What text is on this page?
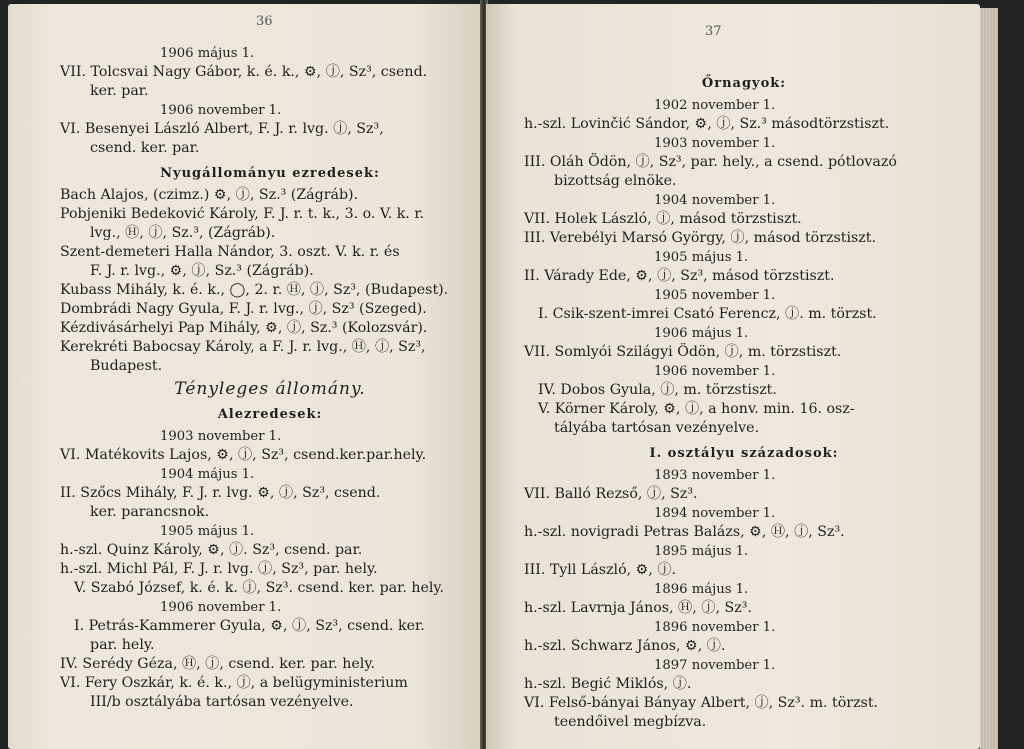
36
1906 május 1.
VII. Tolcsvai Nagy Gábor, k. é. k., ⚙, ⓙ, Sz³, csend.
ker. par.
1906 november 1.
VI. Besenyei László Albert, F. J. r. lvg. ⓙ, Sz³,
csend. ker. par.
Nyugállományu ezredesek:
Bach Alajos, (czimz.) ⚙, ⓙ, Sz.³ (Zágráb).
Pobjeniki Bedeković Károly, F. J. r. t. k., 3. o. V. k. r.
lvg., Ⓗ, ⓙ, Sz.³, (Zágráb).
Szent-demeteri Halla Nándor, 3. oszt. V. k. r. és
F. J. r. lvg., ⚙, ⓙ, Sz.³ (Zágráb).
Kubass Mihály, k. é. k., ◯, 2. r. Ⓗ, ⓙ, Sz³, (Budapest).
Dombrádi Nagy Gyula, F. J. r. lvg., ⓙ, Sz³ (Szeged).
Kézdivásárhelyi Pap Mihály, ⚙, ⓙ, Sz.³ (Kolozsvár).
Kerekréti Babocsay Károly, a F. J. r. lvg., Ⓗ, ⓙ, Sz³,
Budapest.
Tényleges állomány.
Alezredesek:
1903 november 1.
VI. Matékovits Lajos, ⚙, ⓙ, Sz³, csend.ker.par.hely.
1904 május 1.
II. Szőcs Mihály, F. J. r. lvg. ⚙, ⓙ, Sz³, csend.
ker. parancsnok.
1905 május 1.
h.-szl. Quinz Károly, ⚙, ⓙ. Sz³, csend. par.
h.-szl. Michl Pál, F. J. r. lvg. ⓙ, Sz³, par. hely.
V. Szabó József, k. é. k. ⓙ, Sz³. csend. ker. par. hely.
1906 november 1.
I. Petrás-Kammerer Gyula, ⚙, ⓙ, Sz³, csend. ker.
par. hely.
IV. Serédy Géza, Ⓗ, ⓙ, csend. ker. par. hely.
VI. Fery Oszkár, k. é. k., ⓙ, a belügyministerium
III/b osztályába tartósan vezényelve.
37
Őrnagyok:
1902 november 1.
h.-szl. Lovinčić Sándor, ⚙, ⓙ, Sz.³ másodtörzstiszt.
1903 november 1.
III. Oláh Ödön, ⓙ, Sz³, par. hely., a csend. pótlovazó
bizottság elnöke.
1904 november 1.
VII. Holek László, ⓙ, másod törzstiszt.
III. Verebélyi Marsó György, ⓙ, másod törzstiszt.
1905 május 1.
II. Várady Ede, ⚙, ⓙ, Sz³, másod törzstiszt.
1905 november 1.
I. Csik-szent-imrei Csató Ferencz, ⓙ. m. törzst.
1906 május 1.
VII. Somlyói Szilágyi Ödön, ⓙ, m. törzstiszt.
1906 november 1.
IV. Dobos Gyula, ⓙ, m. törzstiszt.
V. Körner Károly, ⚙, ⓙ, a honv. min. 16. osz-
tályába tartósan vezényelve.
I. osztályu századosok:
1893 november 1.
VII. Balló Rezső, ⓙ, Sz³.
1894 november 1.
h.-szl. novigradi Petras Balázs, ⚙, Ⓗ, ⓙ, Sz³.
1895 május 1.
III. Tyll László, ⚙, ⓙ.
1896 május 1.
h.-szl. Lavrnja János, Ⓗ, ⓙ, Sz³.
1896 november 1.
h.-szl. Schwarz János, ⚙, ⓙ.
1897 november 1.
h.-szl. Begić Miklós, ⓙ.
VI. Felső-bányai Bányay Albert, ⓙ, Sz³. m. törzst.
teendőivel megbízva.
